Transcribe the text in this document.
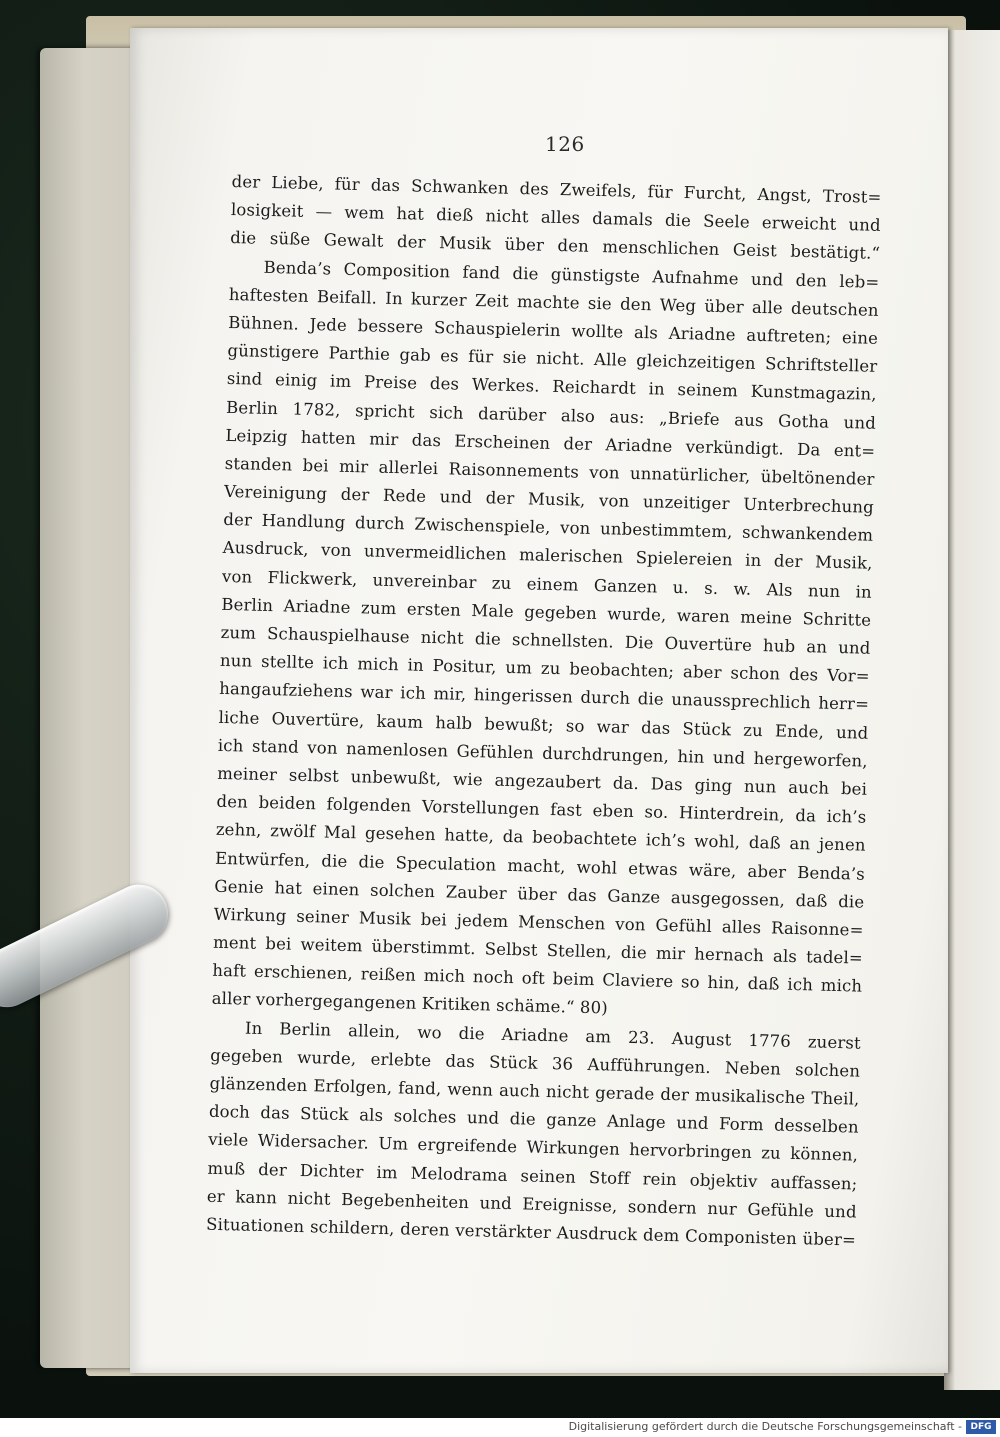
126
der Liebe, für das Schwanken des Zweifels, für Furcht, Angst, Trost=
losigkeit — wem hat dieß nicht alles damals die Seele erweicht und
die süße Gewalt der Musik über den menschlichen Geist bestätigt.“
Benda’s Composition fand die günstigste Aufnahme und den leb=
haftesten Beifall. In kurzer Zeit machte sie den Weg über alle deutschen
Bühnen. Jede bessere Schauspielerin wollte als Ariadne auftreten; eine
günstigere Parthie gab es für sie nicht. Alle gleichzeitigen Schriftsteller
sind einig im Preise des Werkes. Reichardt in seinem Kunstmagazin,
Berlin 1782, spricht sich darüber also aus: „Briefe aus Gotha und
Leipzig hatten mir das Erscheinen der Ariadne verkündigt. Da ent=
standen bei mir allerlei Raisonnements von unnatürlicher, übeltönender
Vereinigung der Rede und der Musik, von unzeitiger Unterbrechung
der Handlung durch Zwischenspiele, von unbestimmtem, schwankendem
Ausdruck, von unvermeidlichen malerischen Spielereien in der Musik,
von Flickwerk, unvereinbar zu einem Ganzen u. s. w. Als nun in
Berlin Ariadne zum ersten Male gegeben wurde, waren meine Schritte
zum Schauspielhause nicht die schnellsten. Die Ouvertüre hub an und
nun stellte ich mich in Positur, um zu beobachten; aber schon des Vor=
hangaufziehens war ich mir, hingerissen durch die unaussprechlich herr=
liche Ouvertüre, kaum halb bewußt; so war das Stück zu Ende, und
ich stand von namenlosen Gefühlen durchdrungen, hin und hergeworfen,
meiner selbst unbewußt, wie angezaubert da. Das ging nun auch bei
den beiden folgenden Vorstellungen fast eben so. Hinterdrein, da ich’s
zehn, zwölf Mal gesehen hatte, da beobachtete ich’s wohl, daß an jenen
Entwürfen, die die Speculation macht, wohl etwas wäre, aber Benda’s
Genie hat einen solchen Zauber über das Ganze ausgegossen, daß die
Wirkung seiner Musik bei jedem Menschen von Gefühl alles Raisonne=
ment bei weitem überstimmt. Selbst Stellen, die mir hernach als tadel=
haft erschienen, reißen mich noch oft beim Claviere so hin, daß ich mich
aller vorhergegangenen Kritiken schäme.“ 80)
In Berlin allein, wo die Ariadne am 23. August 1776 zuerst
gegeben wurde, erlebte das Stück 36 Aufführungen. Neben solchen
glänzenden Erfolgen, fand, wenn auch nicht gerade der musikalische Theil,
doch das Stück als solches und die ganze Anlage und Form desselben
viele Widersacher. Um ergreifende Wirkungen hervorbringen zu können,
muß der Dichter im Melodrama seinen Stoff rein objektiv auffassen;
er kann nicht Begebenheiten und Ereignisse, sondern nur Gefühle und
Situationen schildern, deren verstärkter Ausdruck dem Componisten über=
Digitalisierung gefördert durch die Deutsche Forschungsgemeinschaft - DFG
